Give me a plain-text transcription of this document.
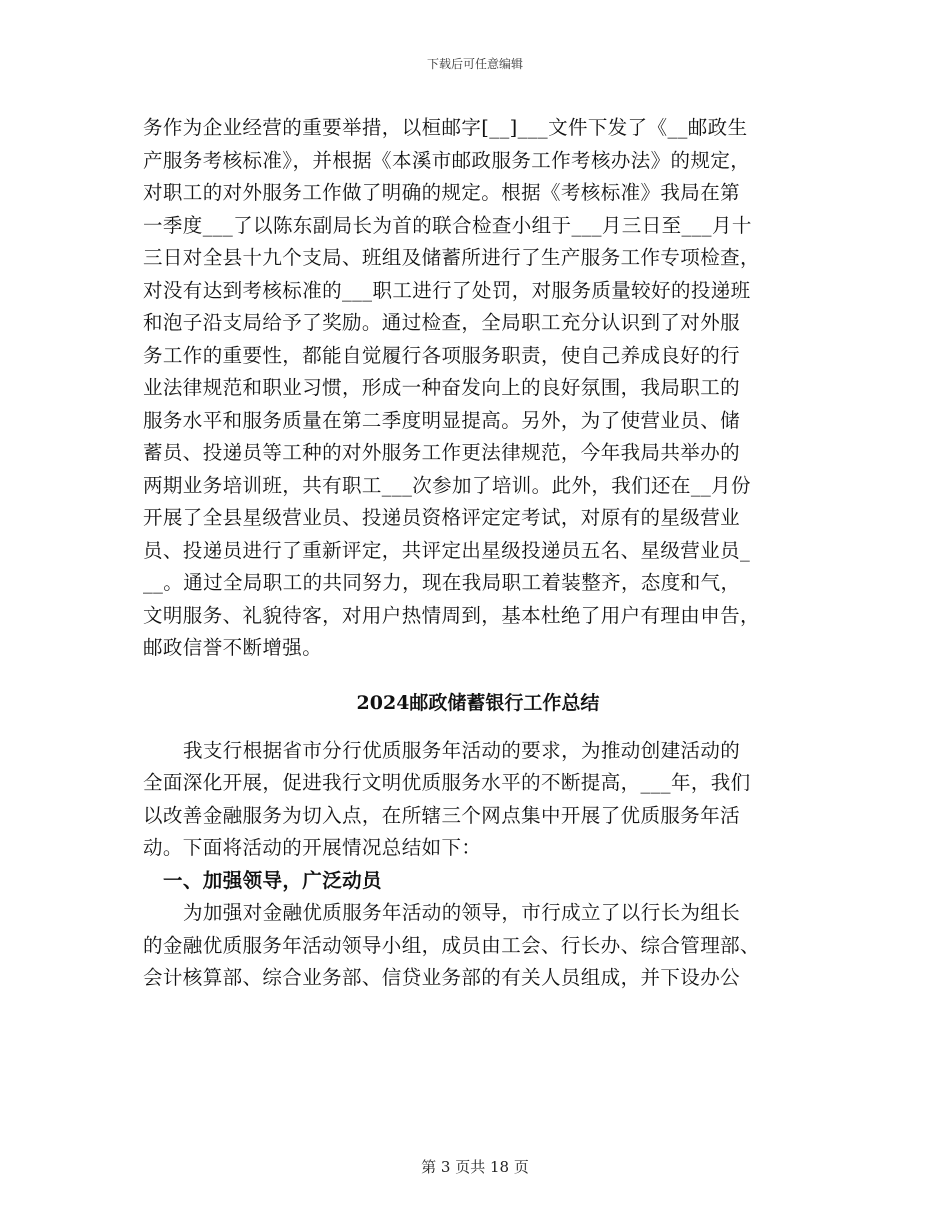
下载后可任意编辑
务作为企业经营的重要举措，以桓邮字[__]___文件下发了《__邮政生
产服务考核标准》，并根据《本溪市邮政服务工作考核办法》的规定，
对职工的对外服务工作做了明确的规定。根据《考核标准》我局在第
一季度___了以陈东副局长为首的联合检查小组于___月三日至___月十
三日对全县十九个支局、班组及储蓄所进行了生产服务工作专项检查，
对没有达到考核标准的___职工进行了处罚，对服务质量较好的投递班
和泡子沿支局给予了奖励。通过检查，全局职工充分认识到了对外服
务工作的重要性，都能自觉履行各项服务职责，使自己养成良好的行
业法律规范和职业习惯，形成一种奋发向上的良好氛围，我局职工的
服务水平和服务质量在第二季度明显提高。另外，为了使营业员、储
蓄员、投递员等工种的对外服务工作更法律规范，今年我局共举办的
两期业务培训班，共有职工___次参加了培训。此外，我们还在__月份
开展了全县星级营业员、投递员资格评定定考试，对原有的星级营业
员、投递员进行了重新评定，共评定出星级投递员五名、星级营业员_
__。通过全局职工的共同努力，现在我局职工着装整齐，态度和气，
文明服务、礼貌待客，对用户热情周到，基本杜绝了用户有理由申告，
邮政信誉不断增强。
2024邮政储蓄银行工作总结
我支行根据省市分行优质服务年活动的要求，为推动创建活动的
全面深化开展，促进我行文明优质服务水平的不断提高，___年，我们
以改善金融服务为切入点，在所辖三个网点集中开展了优质服务年活
动。下面将活动的开展情况总结如下：
一、加强领导，广泛动员
为加强对金融优质服务年活动的领导，市行成立了以行长为组长
的金融优质服务年活动领导小组，成员由工会、行长办、综合管理部、
会计核算部、综合业务部、信贷业务部的有关人员组成，并下设办公
第 3 页共 18 页
